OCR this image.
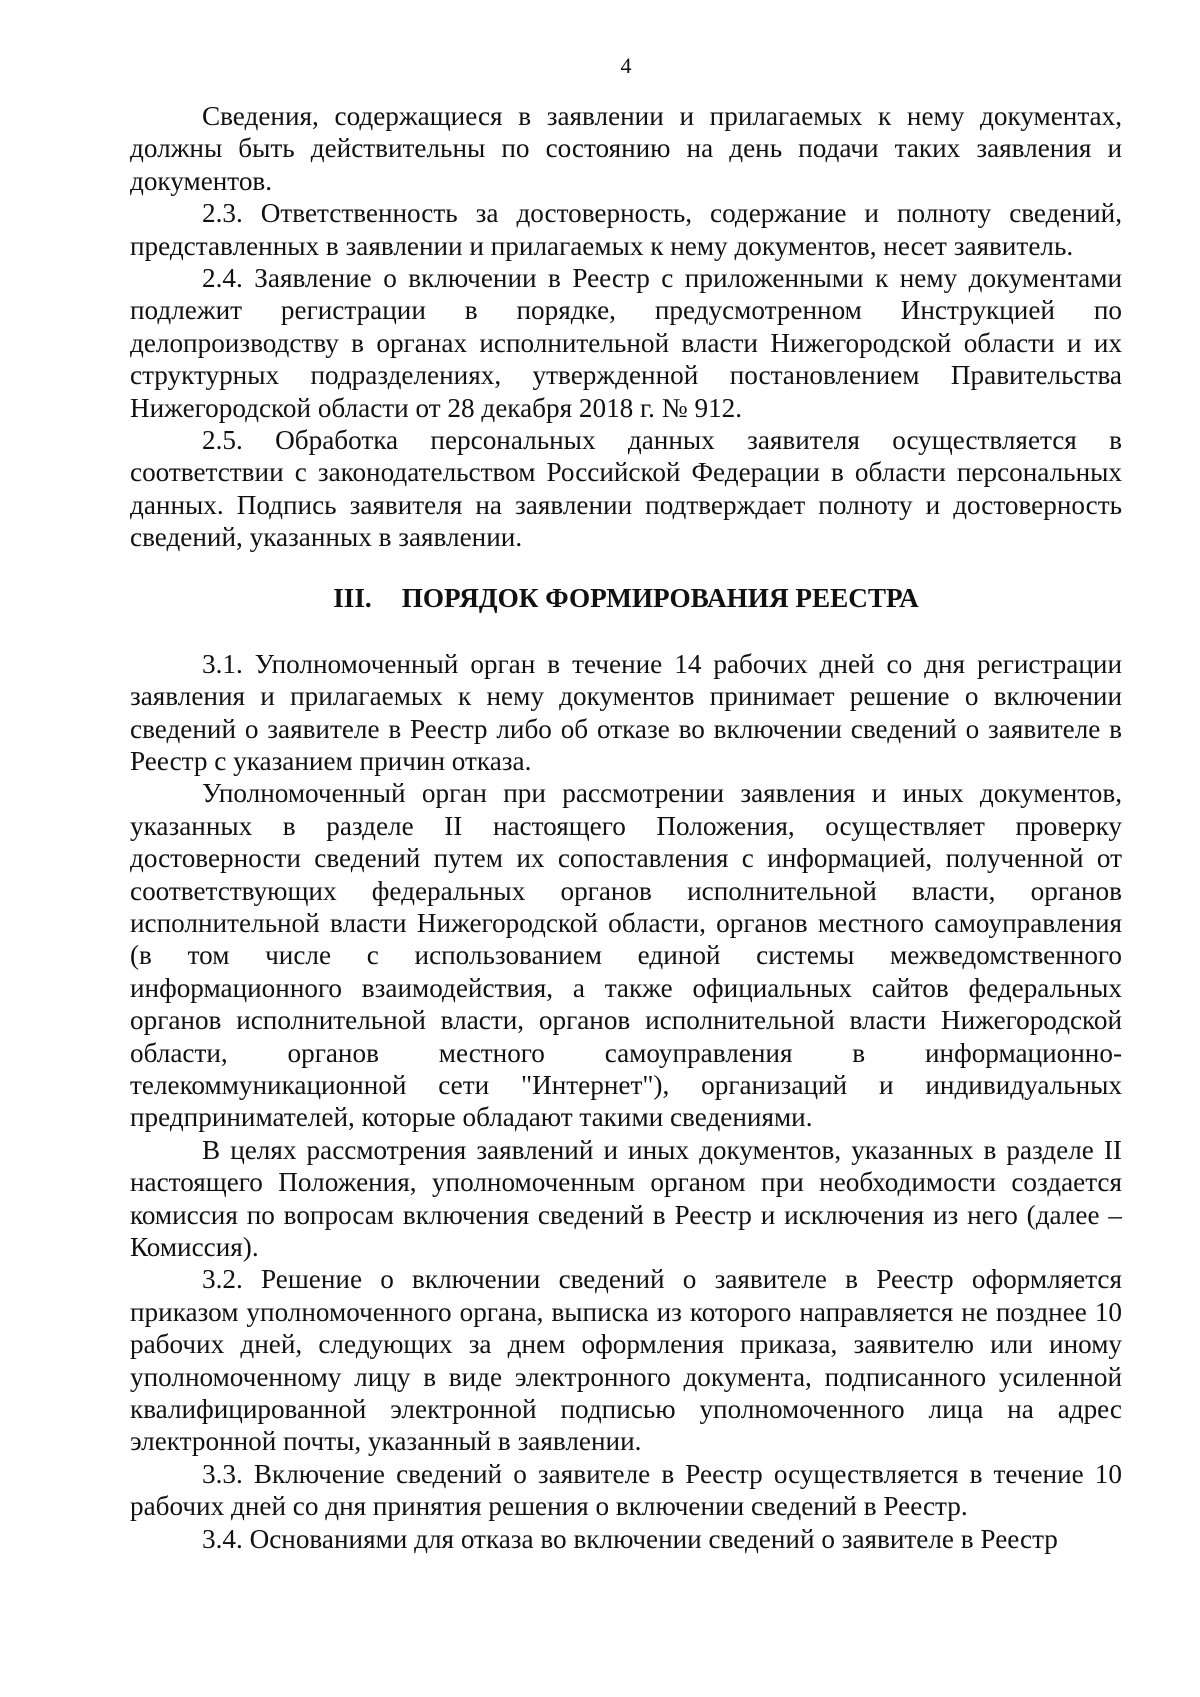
4

Сведения, содержащиеся в заявлении и прилагаемых к нему документах, должны быть действительны по состоянию на день подачи таких заявления и документов.

2.3. Ответственность за достоверность, содержание и полноту сведений, представленных в заявлении и прилагаемых к нему документов, несет заявитель.

2.4. Заявление о включении в Реестр с приложенными к нему документами подлежит регистрации в порядке, предусмотренном Инструкцией по делопроизводству в органах исполнительной власти Нижегородской области и их структурных подразделениях, утвержденной постановлением Правительства Нижегородской области от 28 декабря 2018 г. № 912.

2.5. Обработка персональных данных заявителя осуществляется в соответствии с законодательством Российской Федерации в области персональных данных. Подпись заявителя на заявлении подтверждает полноту и достоверность сведений, указанных в заявлении.

III. ПОРЯДОК ФОРМИРОВАНИЯ РЕЕСТРА

3.1. Уполномоченный орган в течение 14 рабочих дней со дня регистрации заявления и прилагаемых к нему документов принимает решение о включении сведений о заявителе в Реестр либо об отказе во включении сведений о заявителе в Реестр с указанием причин отказа.

Уполномоченный орган при рассмотрении заявления и иных документов, указанных в разделе II настоящего Положения, осуществляет проверку достоверности сведений путем их сопоставления с информацией, полученной от соответствующих федеральных органов исполнительной власти, органов исполнительной власти Нижегородской области, органов местного самоуправления (в том числе с использованием единой системы межведомственного информационного взаимодействия, а также официальных сайтов федеральных органов исполнительной власти, органов исполнительной власти Нижегородской области, органов местного самоуправления в информационно-телекоммуникационной сети "Интернет"), организаций и индивидуальных предпринимателей, которые обладают такими сведениями.

В целях рассмотрения заявлений и иных документов, указанных в разделе II настоящего Положения, уполномоченным органом при необходимости создается комиссия по вопросам включения сведений в Реестр и исключения из него (далее – Комиссия).

3.2. Решение о включении сведений о заявителе в Реестр оформляется приказом уполномоченного органа, выписка из которого направляется не позднее 10 рабочих дней, следующих за днем оформления приказа, заявителю или иному уполномоченному лицу в виде электронного документа, подписанного усиленной квалифицированной электронной подписью уполномоченного лица на адрес электронной почты, указанный в заявлении.

3.3. Включение сведений о заявителе в Реестр осуществляется в течение 10 рабочих дней со дня принятия решения о включении сведений в Реестр.

3.4. Основаниями для отказа во включении сведений о заявителе в Реестр
